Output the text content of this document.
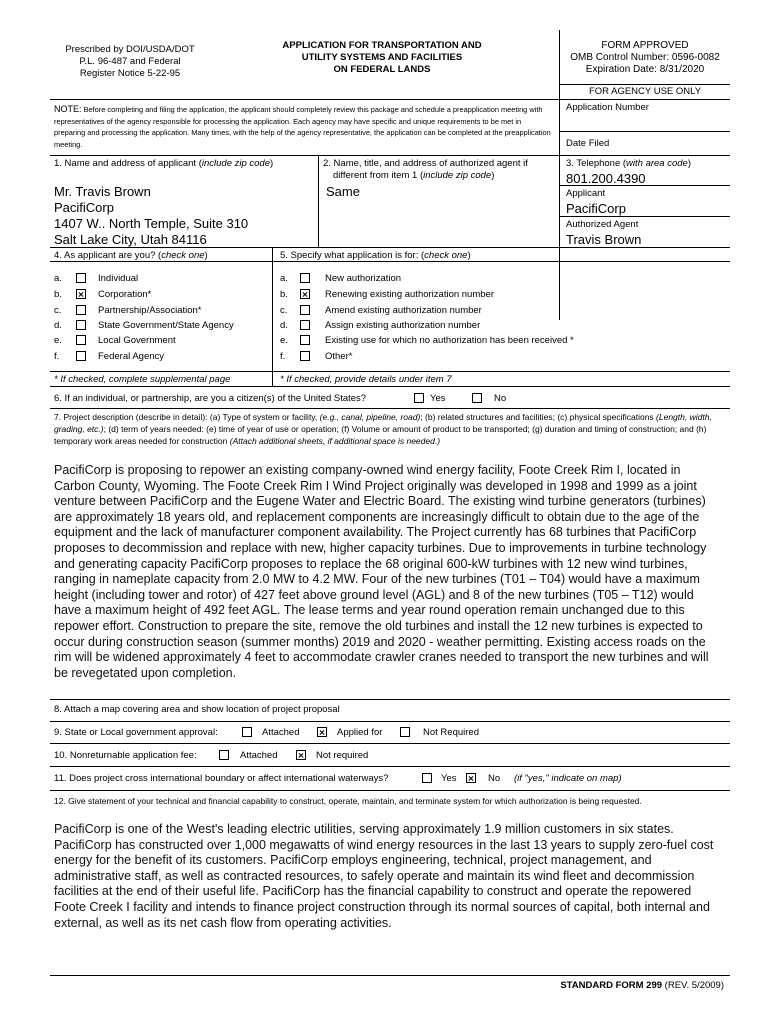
Prescribed by DOI/USDA/DOT
P.L. 96-487 and Federal
Register Notice 5-22-95
APPLICATION FOR TRANSPORTATION AND
UTILITY SYSTEMS AND FACILITIES
ON FEDERAL LANDS
FORM APPROVED
OMB Control Number: 0596-0082
Expiration Date: 8/31/2020
FOR AGENCY USE ONLY
Application Number
Date Filed
NOTE: Before completing and filing the application, the applicant should completely review this package and schedule a preapplication meeting with representatives of the agency responsible for processing the application. Each agency may have specific and unique requirements to be met in preparing and processing the application. Many times, with the help of the agency representative, the application can be completed at the preapplication meeting.
1. Name and address of applicant (include zip code)
Mr. Travis Brown
PacifiCorp
1407 W.. North Temple, Suite 310
Salt Lake City, Utah 84116
2. Name, title, and address of authorized agent if
different from item 1 (include zip code)
Same
3. Telephone (with area code)
801.200.4390
Applicant
PacifiCorp
Authorized Agent
Travis Brown
4. As applicant are you? (check one)	5. Specify what application is for: (check one)
a.	Individual
b.	Corporation*
c.	Partnership/Association*
d.	State Government/State Agency
e.	Local Government
f.	Federal Agency
a.	New authorization
b.	Renewing existing authorization number
c.	Amend existing authorization number
d.	Assign existing authorization number
e.	Existing use for which no authorization has been received *
f.	Other*
* If checked, complete supplemental page	* If checked, provide details under item 7
6. If an individual, or partnership, are you a citizen(s) of the United States?	Yes	No
7. Project description (describe in detail): (a) Type of system or facility, (e.g., canal, pipeline, road); (b) related structures and facilities; (c) physical specifications (Length, width, grading, etc.); (d) term of years needed: (e) time of year of use or operation; (f) Volume or amount of product to be transported; (g) duration and timing of construction; and (h) temporary work areas needed for construction (Attach additional sheets, if additional space is needed.)
PacifiCorp is proposing to repower an existing company-owned wind energy facility, Foote Creek Rim I, located in
Carbon County, Wyoming. The Foote Creek Rim I Wind Project originally was developed in 1998 and 1999 as a joint
venture between PacifiCorp and the Eugene Water and Electric Board. The existing wind turbine generators (turbines)
are approximately 18 years old, and replacement components are increasingly difficult to obtain due to the age of the
equipment and the lack of manufacturer component availability. The Project currently has 68 turbines that PacifiCorp
proposes to decommission and replace with new, higher capacity turbines. Due to improvements in turbine technology
and generating capacity PacifiCorp proposes to replace the 68 original 600-kW turbines with 12 new wind turbines,
ranging in nameplate capacity from 2.0 MW to 4.2 MW. Four of the new turbines (T01 – T04) would have a maximum
height (including tower and rotor) of 427 feet above ground level (AGL) and 8 of the new turbines (T05 – T12) would
have a maximum height of 492 feet AGL. The lease terms and year round operation remain unchanged due to this
repower effort. Construction to prepare the site, remove the old turbines and install the 12 new turbines is expected to
occur during construction season (summer months) 2019 and 2020 - weather permitting. Existing access roads on the
rim will be widened approximately 4 feet to accommodate crawler cranes needed to transport the new turbines and will
be revegetated upon completion.
8. Attach a map covering area and show location of project proposal
9. State or Local government approval:	Attached	Applied for	Not Required
10. Nonreturnable application fee:	Attached	Not required
11. Does project cross international boundary or affect international waterways?	Yes	No (if "yes," indicate on map)
12. Give statement of your technical and financial capability to construct, operate, maintain, and terminate system for which authorization is being requested.
PacifiCorp is one of the West's leading electric utilities, serving approximately 1.9 million customers in six states.
PacifiCorp has constructed over 1,000 megawatts of wind energy resources in the last 13 years to supply zero-fuel cost
energy for the benefit of its customers. PacifiCorp employs engineering, technical, project management, and
administrative staff, as well as contracted resources, to safely operate and maintain its wind fleet and decommission
facilities at the end of their useful life. PacifiCorp has the financial capability to construct and operate the repowered
Foote Creek I facility and intends to finance project construction through its normal sources of capital, both internal and
external, as well as its net cash flow from operating activities.
STANDARD FORM 299 (REV. 5/2009)
